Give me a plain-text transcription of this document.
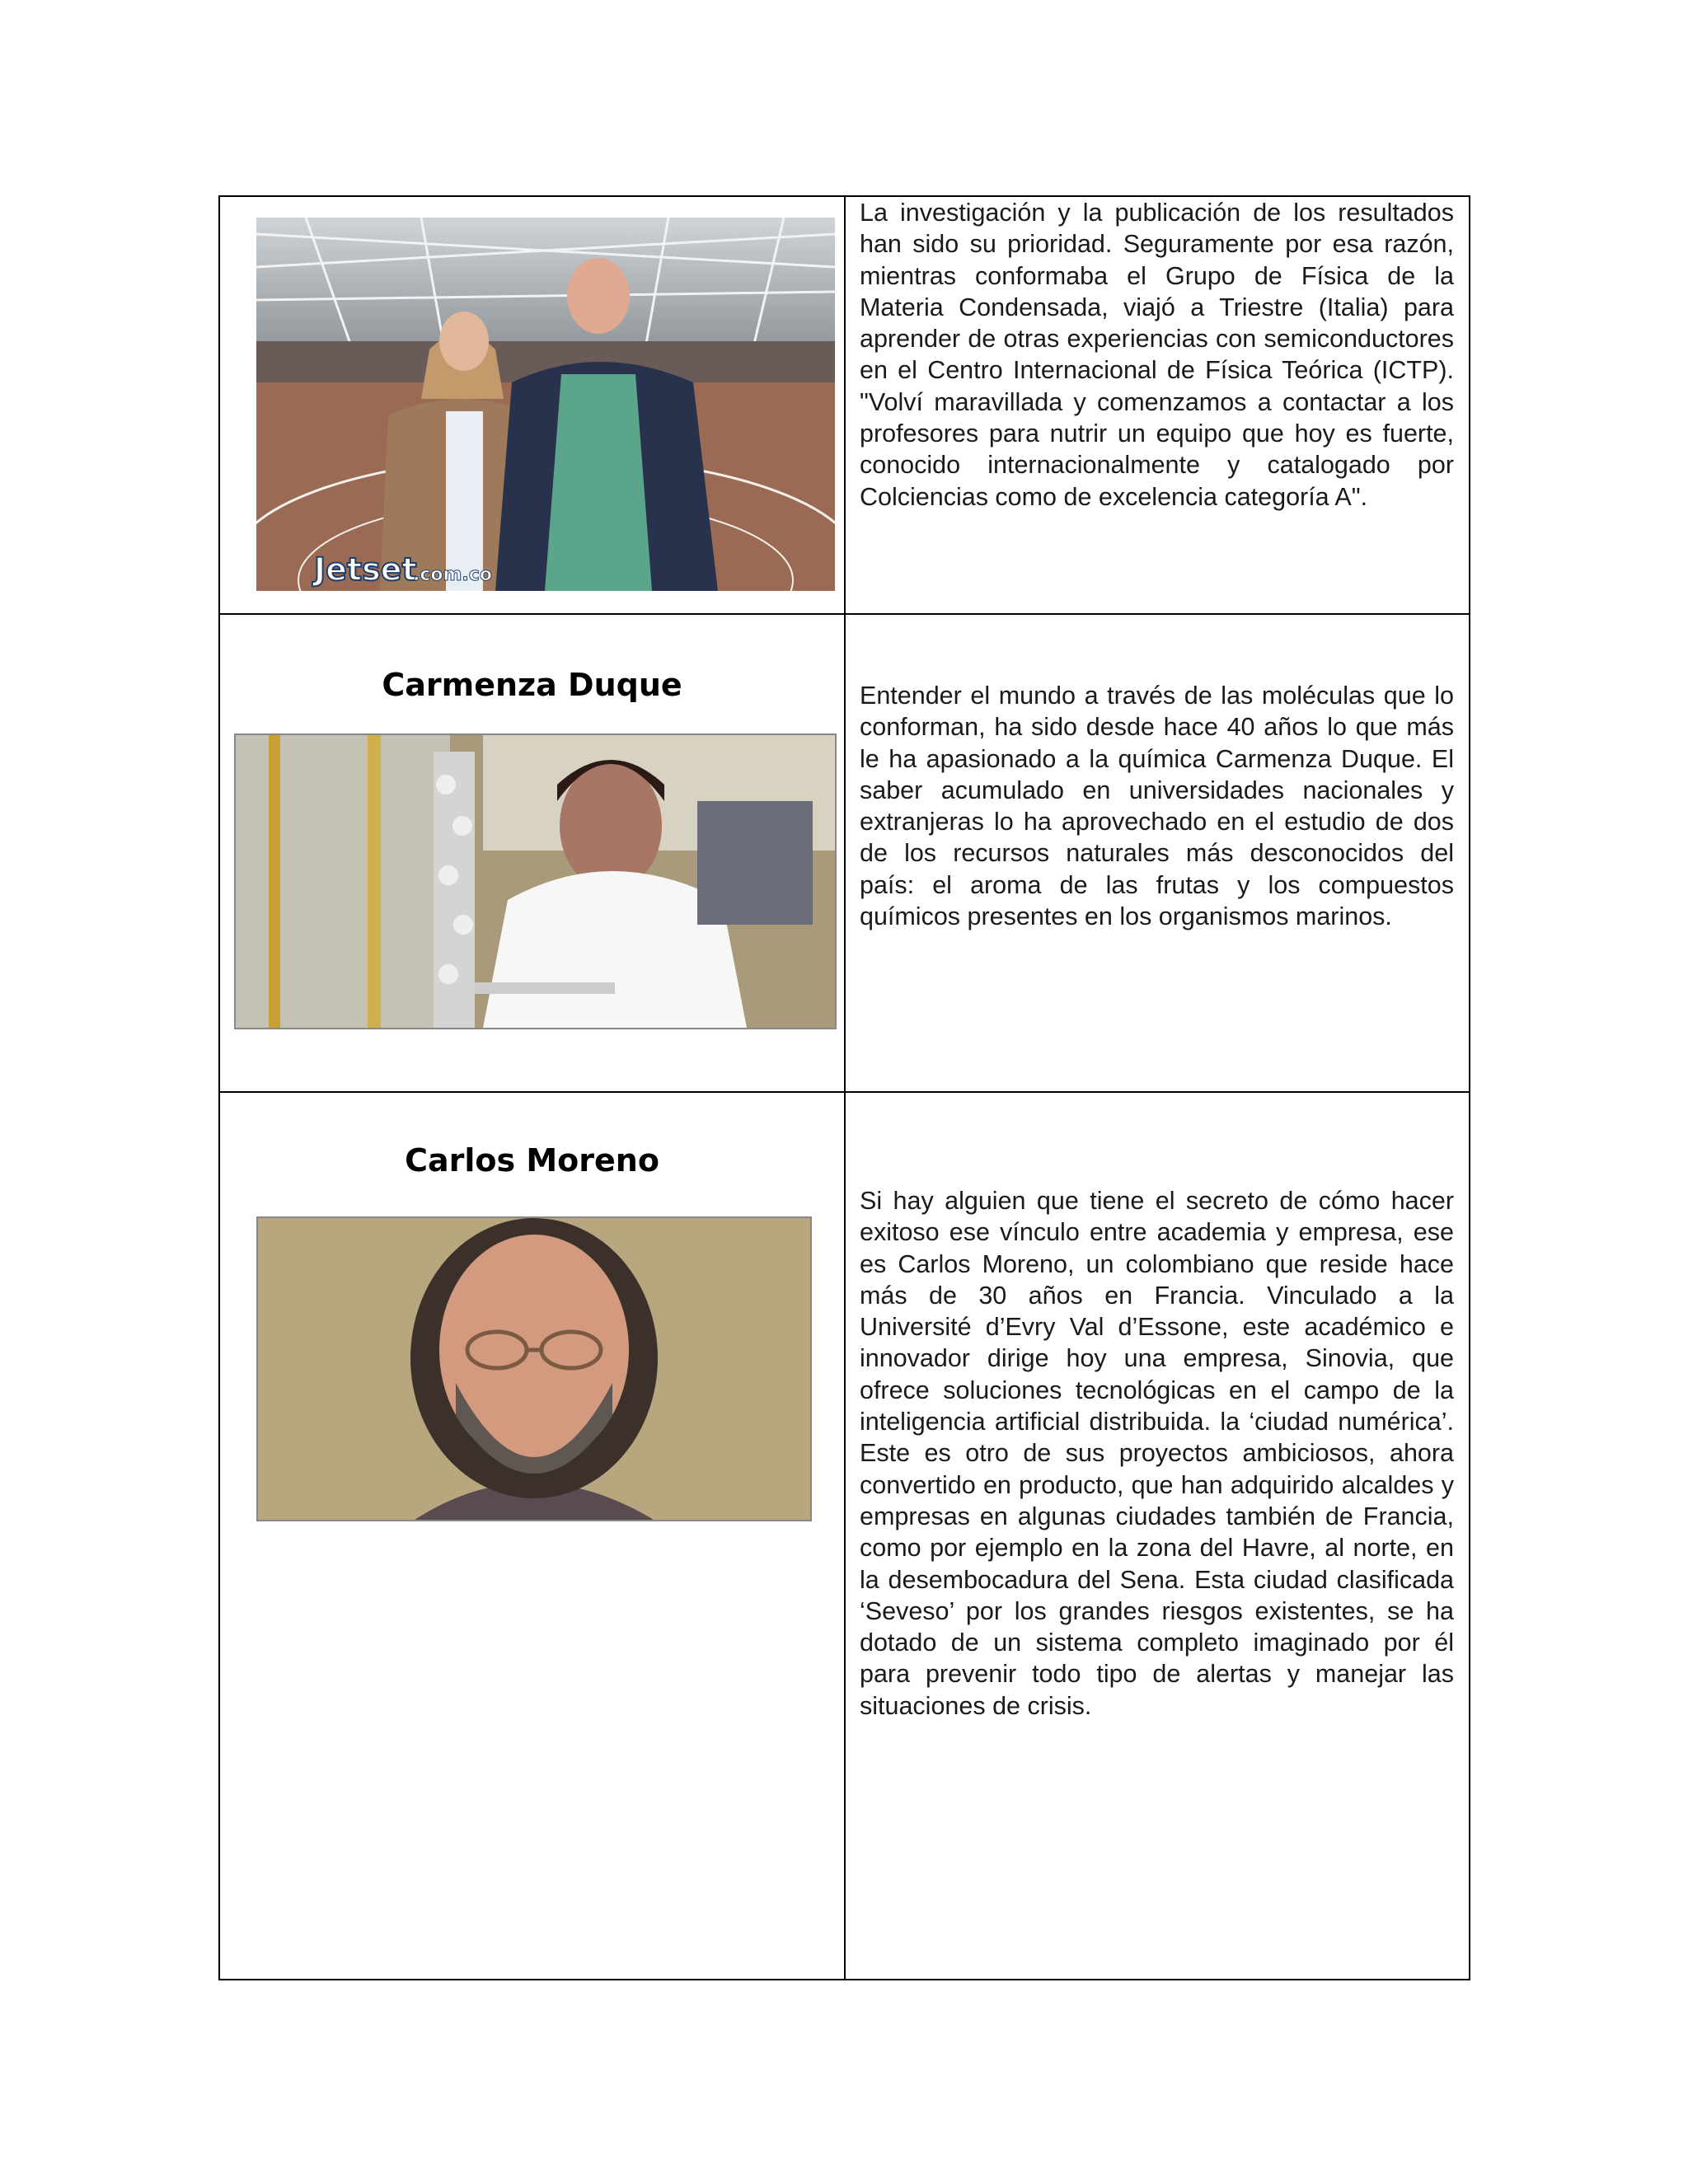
Jetset
.com.co	La investigación y la publicación de los resultados han sido su prioridad. Seguramente por esa razón, mientras conformaba el Grupo de Física de la Materia Condensada, viajó a Triestre (Italia) para aprender de otras experiencias con semiconductores en el Centro Internacional de Física Teórica (ICTP). "Volví maravillada y comenzamos a contactar a los profesores para nutrir un equipo que hoy es fuerte, conocido internacionalmente y catalogado por Colciencias como de excelencia categoría A".

Carmenza Duque	Entender el mundo a través de las moléculas que lo conforman, ha sido desde hace 40 años lo que más le ha apasionado a la química Carmenza Duque. El saber acumulado en universidades nacionales y extranjeras lo ha aprovechado en el estudio de dos de los recursos naturales más desconocidos del país: el aroma de las frutas y los compuestos químicos presentes en los organismos marinos.

Carlos Moreno	Si hay alguien que tiene el secreto de cómo hacer exitoso ese vínculo entre academia y empresa, ese es Carlos Moreno, un colombiano que reside hace más de 30 años en Francia. Vinculado a la Université d’Evry Val d’Essone, este académico e innovador dirige hoy una empresa, Sinovia, que ofrece soluciones tecnológicas en el campo de la inteligencia artificial distribuida. la ‘ciudad numérica’. Este es otro de sus proyectos ambiciosos, ahora convertido en producto, que han adquirido alcaldes y empresas en algunas ciudades también de Francia, como por ejemplo en la zona del Havre, al norte, en la desembocadura del Sena. Esta ciudad clasificada ‘Seveso’ por los grandes riesgos existentes, se ha dotado de un sistema completo imaginado por él para prevenir todo tipo de alertas y manejar las situaciones de crisis.
